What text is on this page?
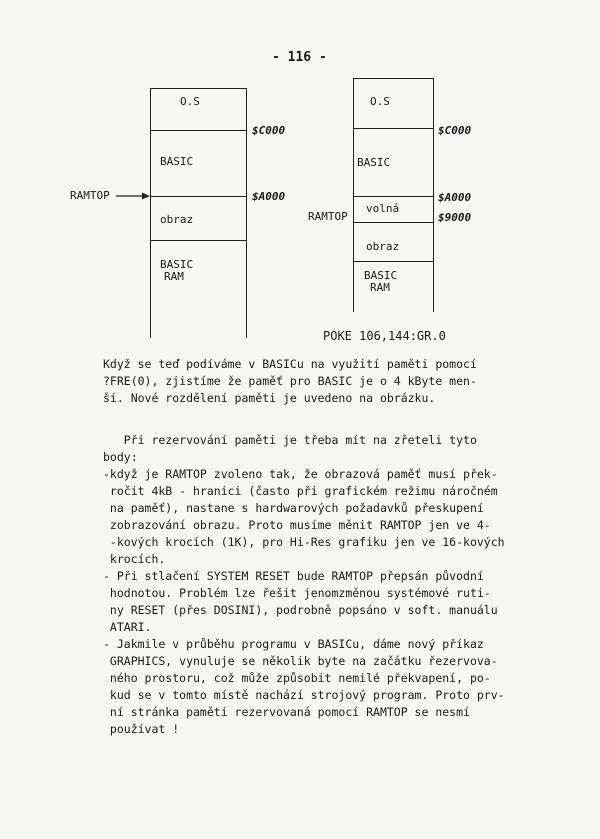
- 116 -
O.S
BASIC
obraz
BASIC
RAM
$C000
$A000
RAMTOP
O.S
BASIC
volná
obraz
BASIC
RAM
$C000
$A000
$9000
RAMTOP
POKE 106,144:GR.0
Když se teď podíváme v BASICu na využití paměti pomocí
?FRE(0), zjistíme že paměť pro BASIC je o 4 kByte men-
ší. Nové rozdělení paměti je uvedeno na obrázku.
Při rezervování paměti je třeba mít na zřeteli tyto
body:
-když je RAMTOP zvoleno tak, že obrazová paměť musí přek-
ročit 4kB - hranici (často při grafickém režimu náročném
na paměť), nastane s hardwarových požadavků přeskupení
zobrazování obrazu. Proto musíme měnit RAMTOP jen ve 4-
-kových krocích (1K), pro Hi-Res grafiku jen ve 16-kových
krocích.
- Při stlačení SYSTEM RESET bude RAMTOP přepsán původní
hodnotou. Problém lze řešit jenomzměnou systémové ruti-
ny RESET (přes DOSINI), podrobně popsáno v soft. manuálu
ATARI.
- Jakmile v průběhu programu v BASICu, dáme nový příkaz
GRAPHICS, vynuluje se několik byte na začátku řezervova-
ného prostoru, což může způsobit nemilé překvapení, po-
kud se v tomto místě nachází strojový program. Proto prv-
ní stránka paměti rezervovaná pomocí RAMTOP se nesmí
používat !
